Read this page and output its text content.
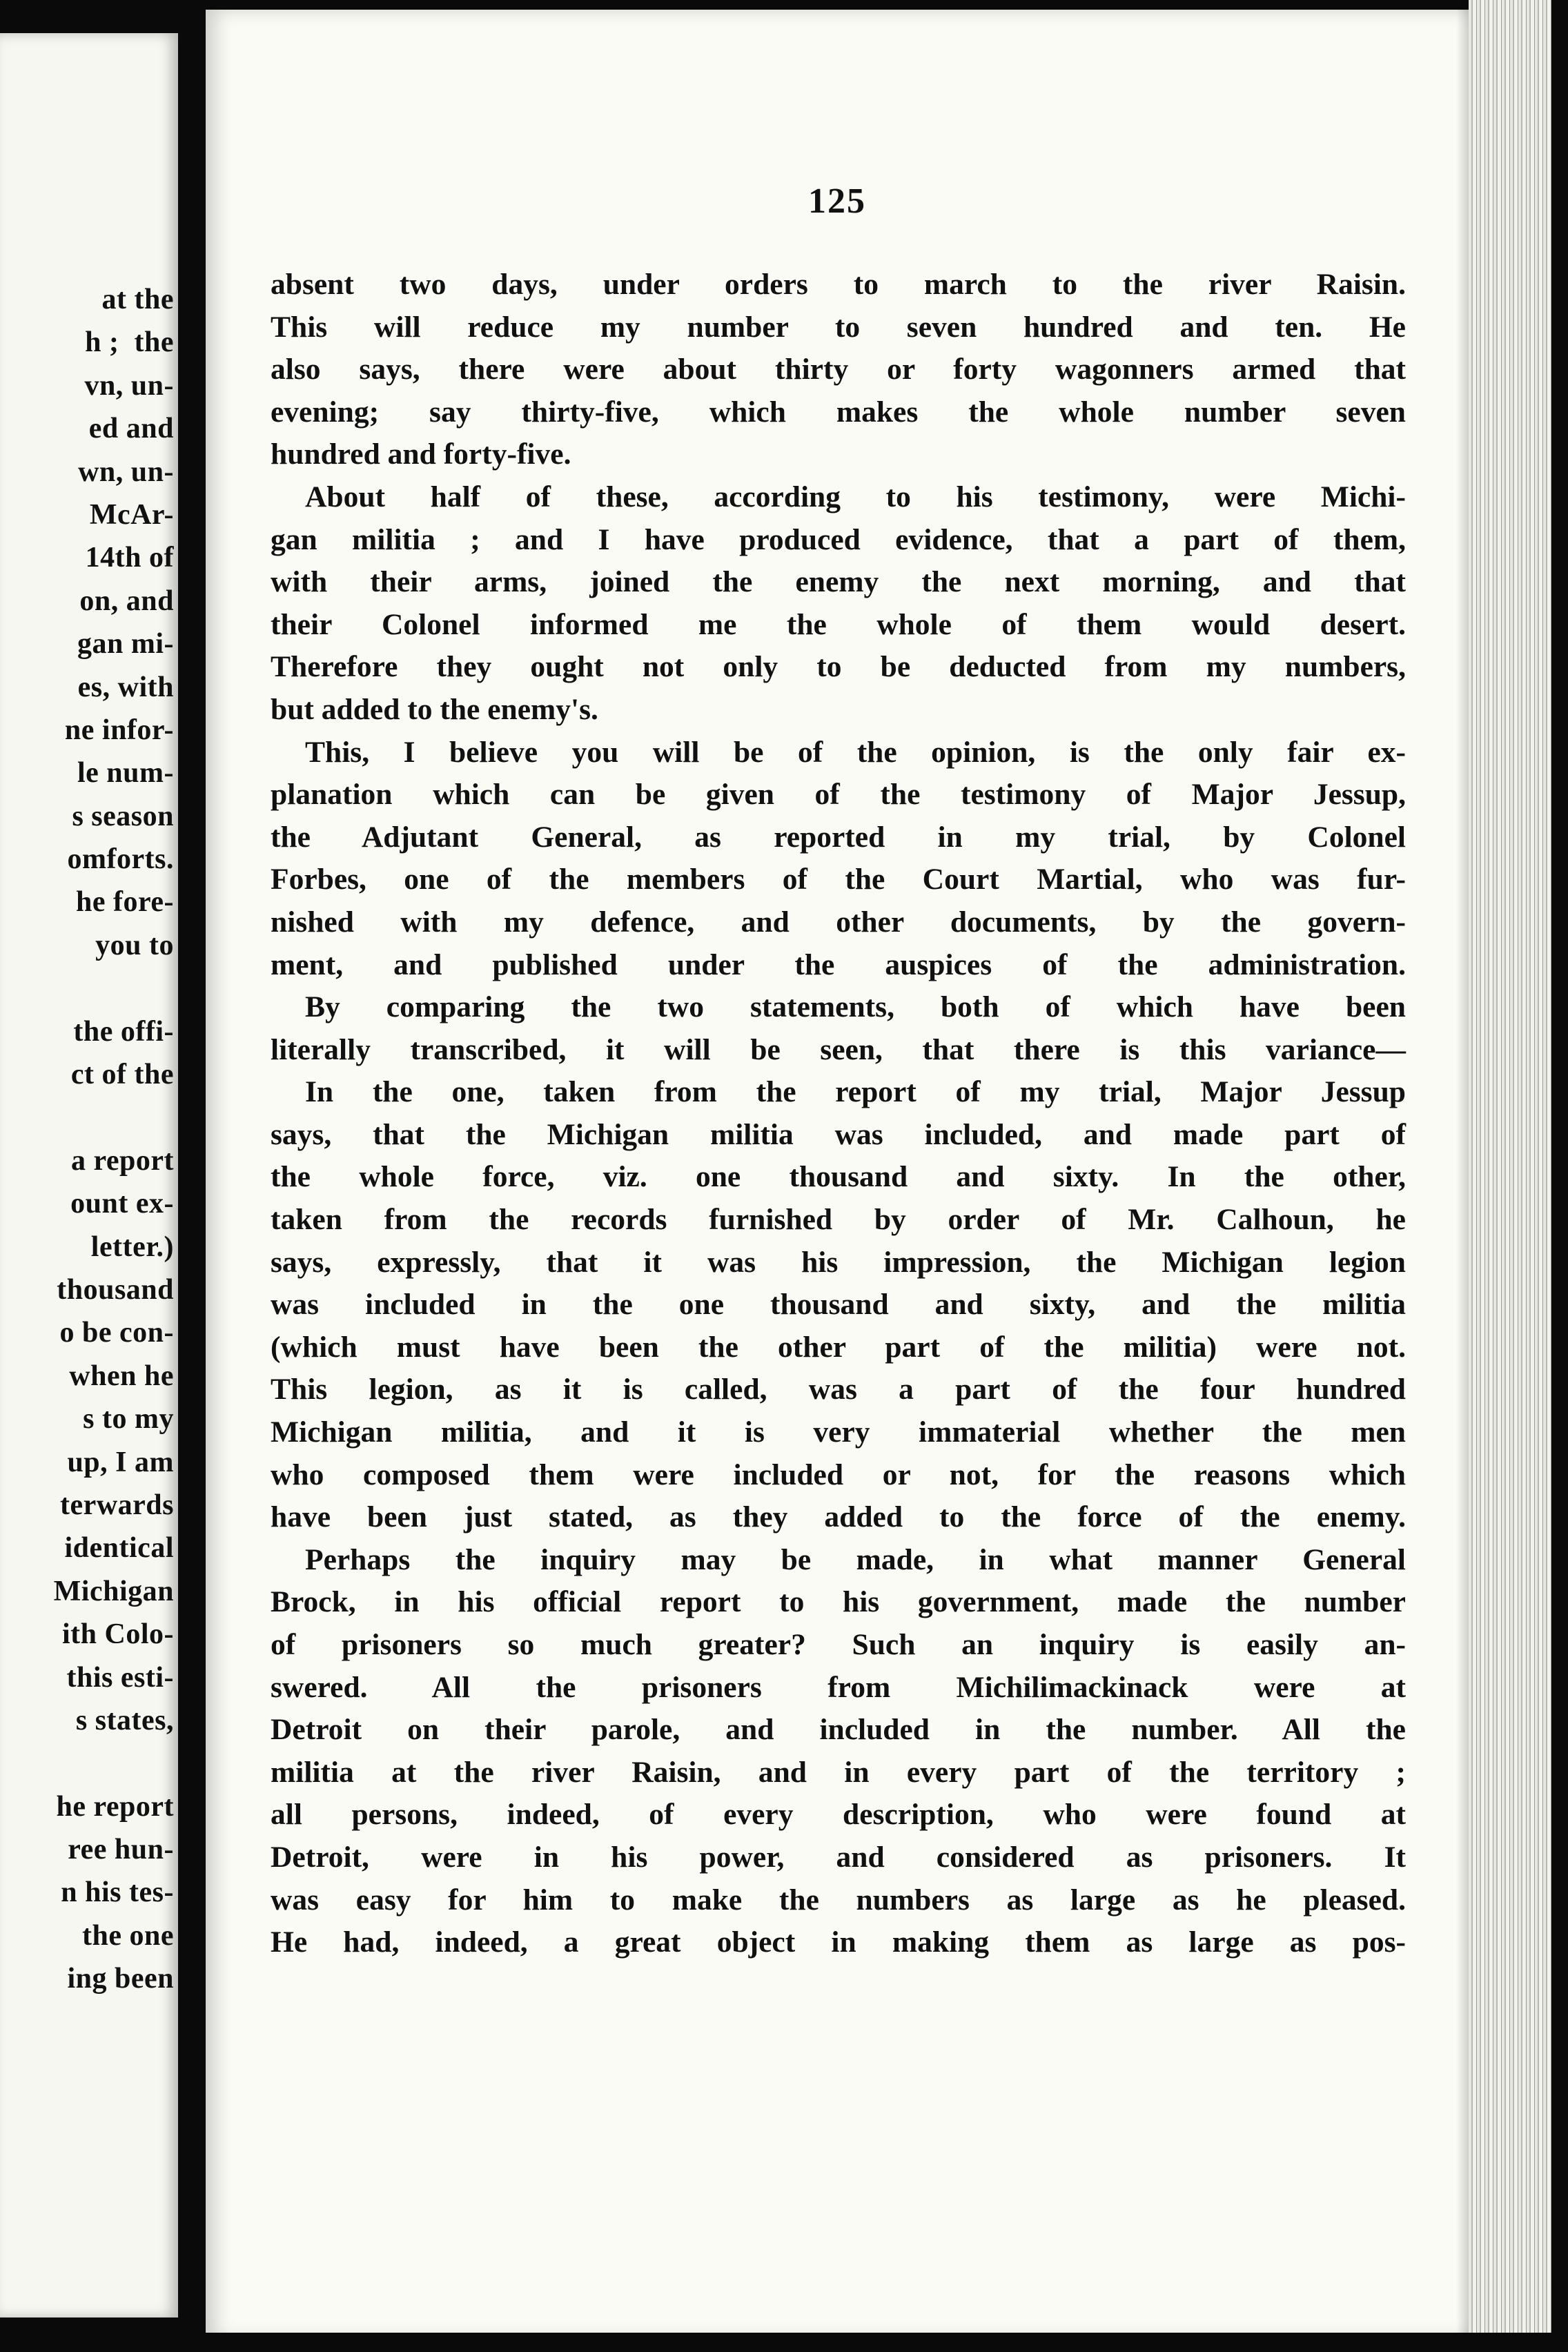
at the
h ;  the
vn, un-
ed and
wn, un-
McAr-
14th of
on, and
gan mi-
es, with
ne infor-
le num-
s season
omforts.
he fore-
you to
the offi-
ct of the
a report
ount ex-
letter.)
thousand
o be con-
when he
s to my
up, I am
terwards
identical
Michigan
ith Colo-
this esti-
s states,
he report
ree hun-
n his tes-
the one
ing been
125
absent two days, under orders to march to the river Raisin.
This will reduce my number to seven hundred and ten. He
also says, there were about thirty or forty wagonners armed that
evening; say thirty-five, which makes the whole number seven
hundred and forty-five.
About half of these, according to his testimony, were Michi-
gan militia ; and I have produced evidence, that a part of them,
with their arms, joined the enemy the next morning, and that
their Colonel informed me the whole of them would desert.
Therefore they ought not only to be deducted from my numbers,
but added to the enemy's.
This, I believe you will be of the opinion, is the only fair ex-
planation which can be given of the testimony of Major Jessup,
the Adjutant General, as reported in my trial, by Colonel
Forbes, one of the members of the Court Martial, who was fur-
nished with my defence, and other documents, by the govern-
ment, and published under the auspices of the administration.
By comparing the two statements, both of which have been
literally transcribed, it will be seen, that there is this variance—
In the one, taken from the report of my trial, Major Jessup
says, that the Michigan militia was included, and made part of
the whole force, viz. one thousand and sixty. In the other,
taken from the records furnished by order of Mr. Calhoun, he
says, expressly, that it was his impression, the Michigan legion
was included in the one thousand and sixty, and the militia
(which must have been the other part of the militia) were not.
This legion, as it is called, was a part of the four hundred
Michigan militia, and it is very immaterial whether the men
who composed them were included or not, for the reasons which
have been just stated, as they added to the force of the enemy.
Perhaps the inquiry may be made, in what manner General
Brock, in his official report to his government, made the number
of prisoners so much greater? Such an inquiry is easily an-
swered. All the prisoners from Michilimackinack were at
Detroit on their parole, and included in the number. All the
militia at the river Raisin, and in every part of the territory ;
all persons, indeed, of every description, who were found at
Detroit, were in his power, and considered as prisoners. It
was easy for him to make the numbers as large as he pleased.
He had, indeed, a great object in making them as large as pos-
